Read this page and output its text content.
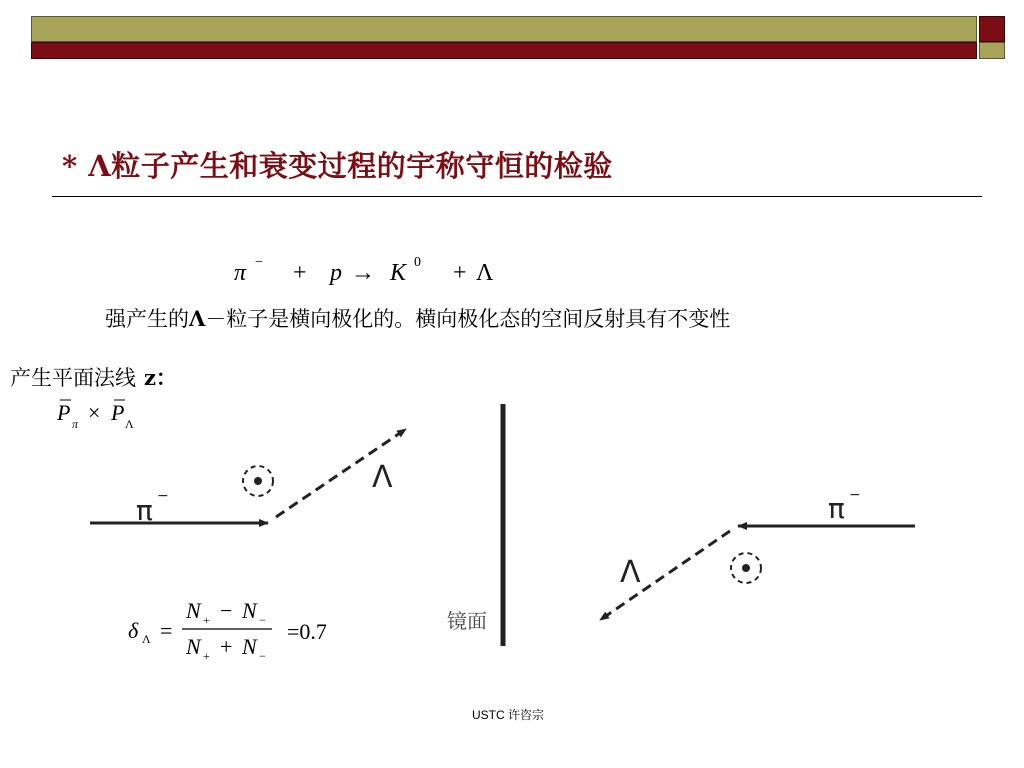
* Λ粒子产生和衰变过程的宇称守恒的检验
强产生的Λ－粒子是横向极化的。横向极化态的空间反射具有不变性
产生平面法线 z：
镜面
USTC 许咨宗
π − + p → K 0 + Λ
P π × P Λ
π −
Λ
π −
Λ
δ Λ =
N + − N −
N + + N −
=0.7
